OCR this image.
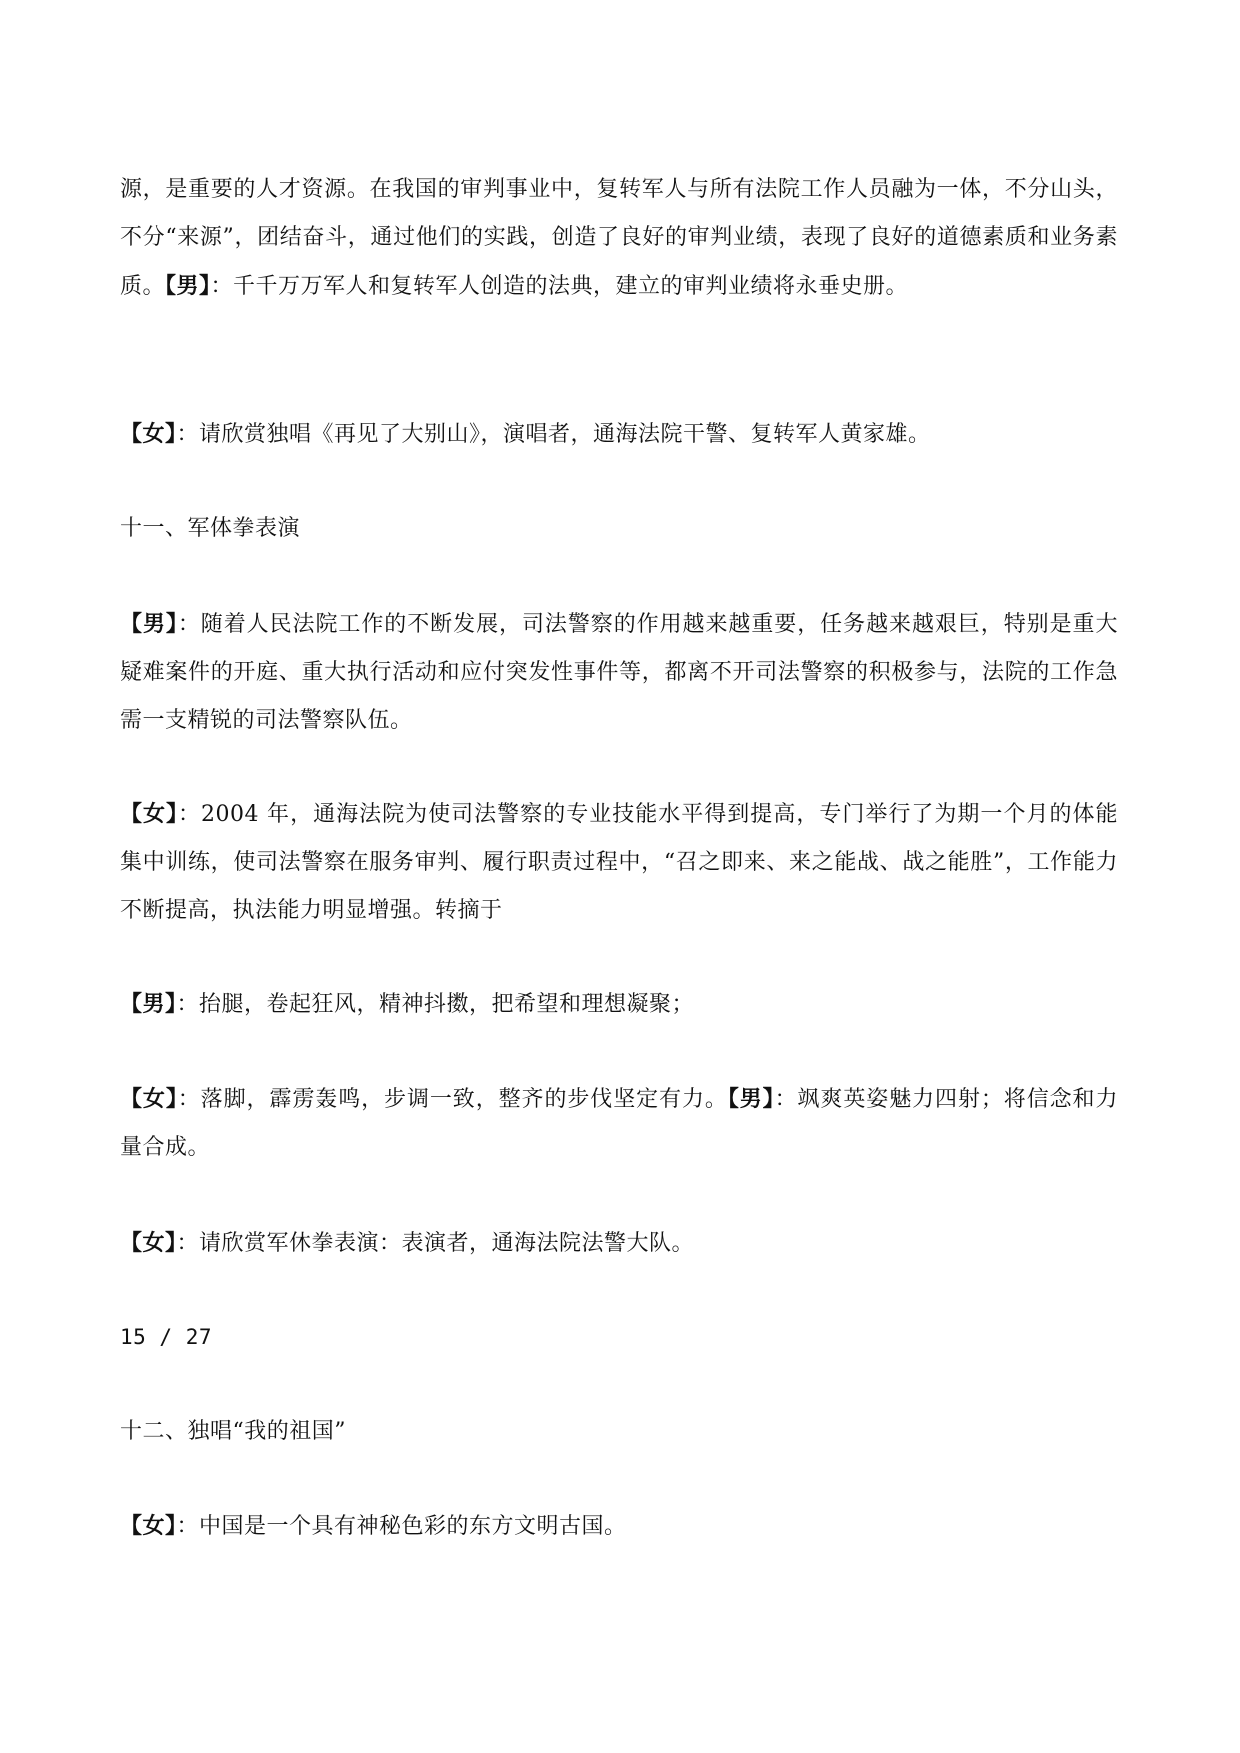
源，是重要的人才资源。在我国的审判事业中，复转军人与所有法院工作人员融为一体，不分山头，不分“来源”，团结奋斗，通过他们的实践，创造了良好的审判业绩，表现了良好的道德素质和业务素质。【男】：千千万万军人和复转军人创造的法典，建立的审判业绩将永垂史册。

【女】：请欣赏独唱《再见了大别山》，演唱者，通海法院干警、复转军人黄家雄。

十一、军体拳表演

【男】：随着人民法院工作的不断发展，司法警察的作用越来越重要，任务越来越艰巨，特别是重大疑难案件的开庭、重大执行活动和应付突发性事件等，都离不开司法警察的积极参与，法院的工作急需一支精锐的司法警察队伍。

【女】：2004 年，通海法院为使司法警察的专业技能水平得到提高，专门举行了为期一个月的体能集中训练，使司法警察在服务审判、履行职责过程中，“召之即来、来之能战、战之能胜”，工作能力不断提高，执法能力明显增强。转摘于

【男】：抬腿，卷起狂风，精神抖擞，把希望和理想凝聚；

【女】：落脚，霹雳轰鸣，步调一致，整齐的步伐坚定有力。【男】：飒爽英姿魅力四射；将信念和力量合成。

【女】：请欣赏军休拳表演：表演者，通海法院法警大队。

15 / 27

十二、独唱“我的祖国”

【女】：中国是一个具有神秘色彩的东方文明古国。
